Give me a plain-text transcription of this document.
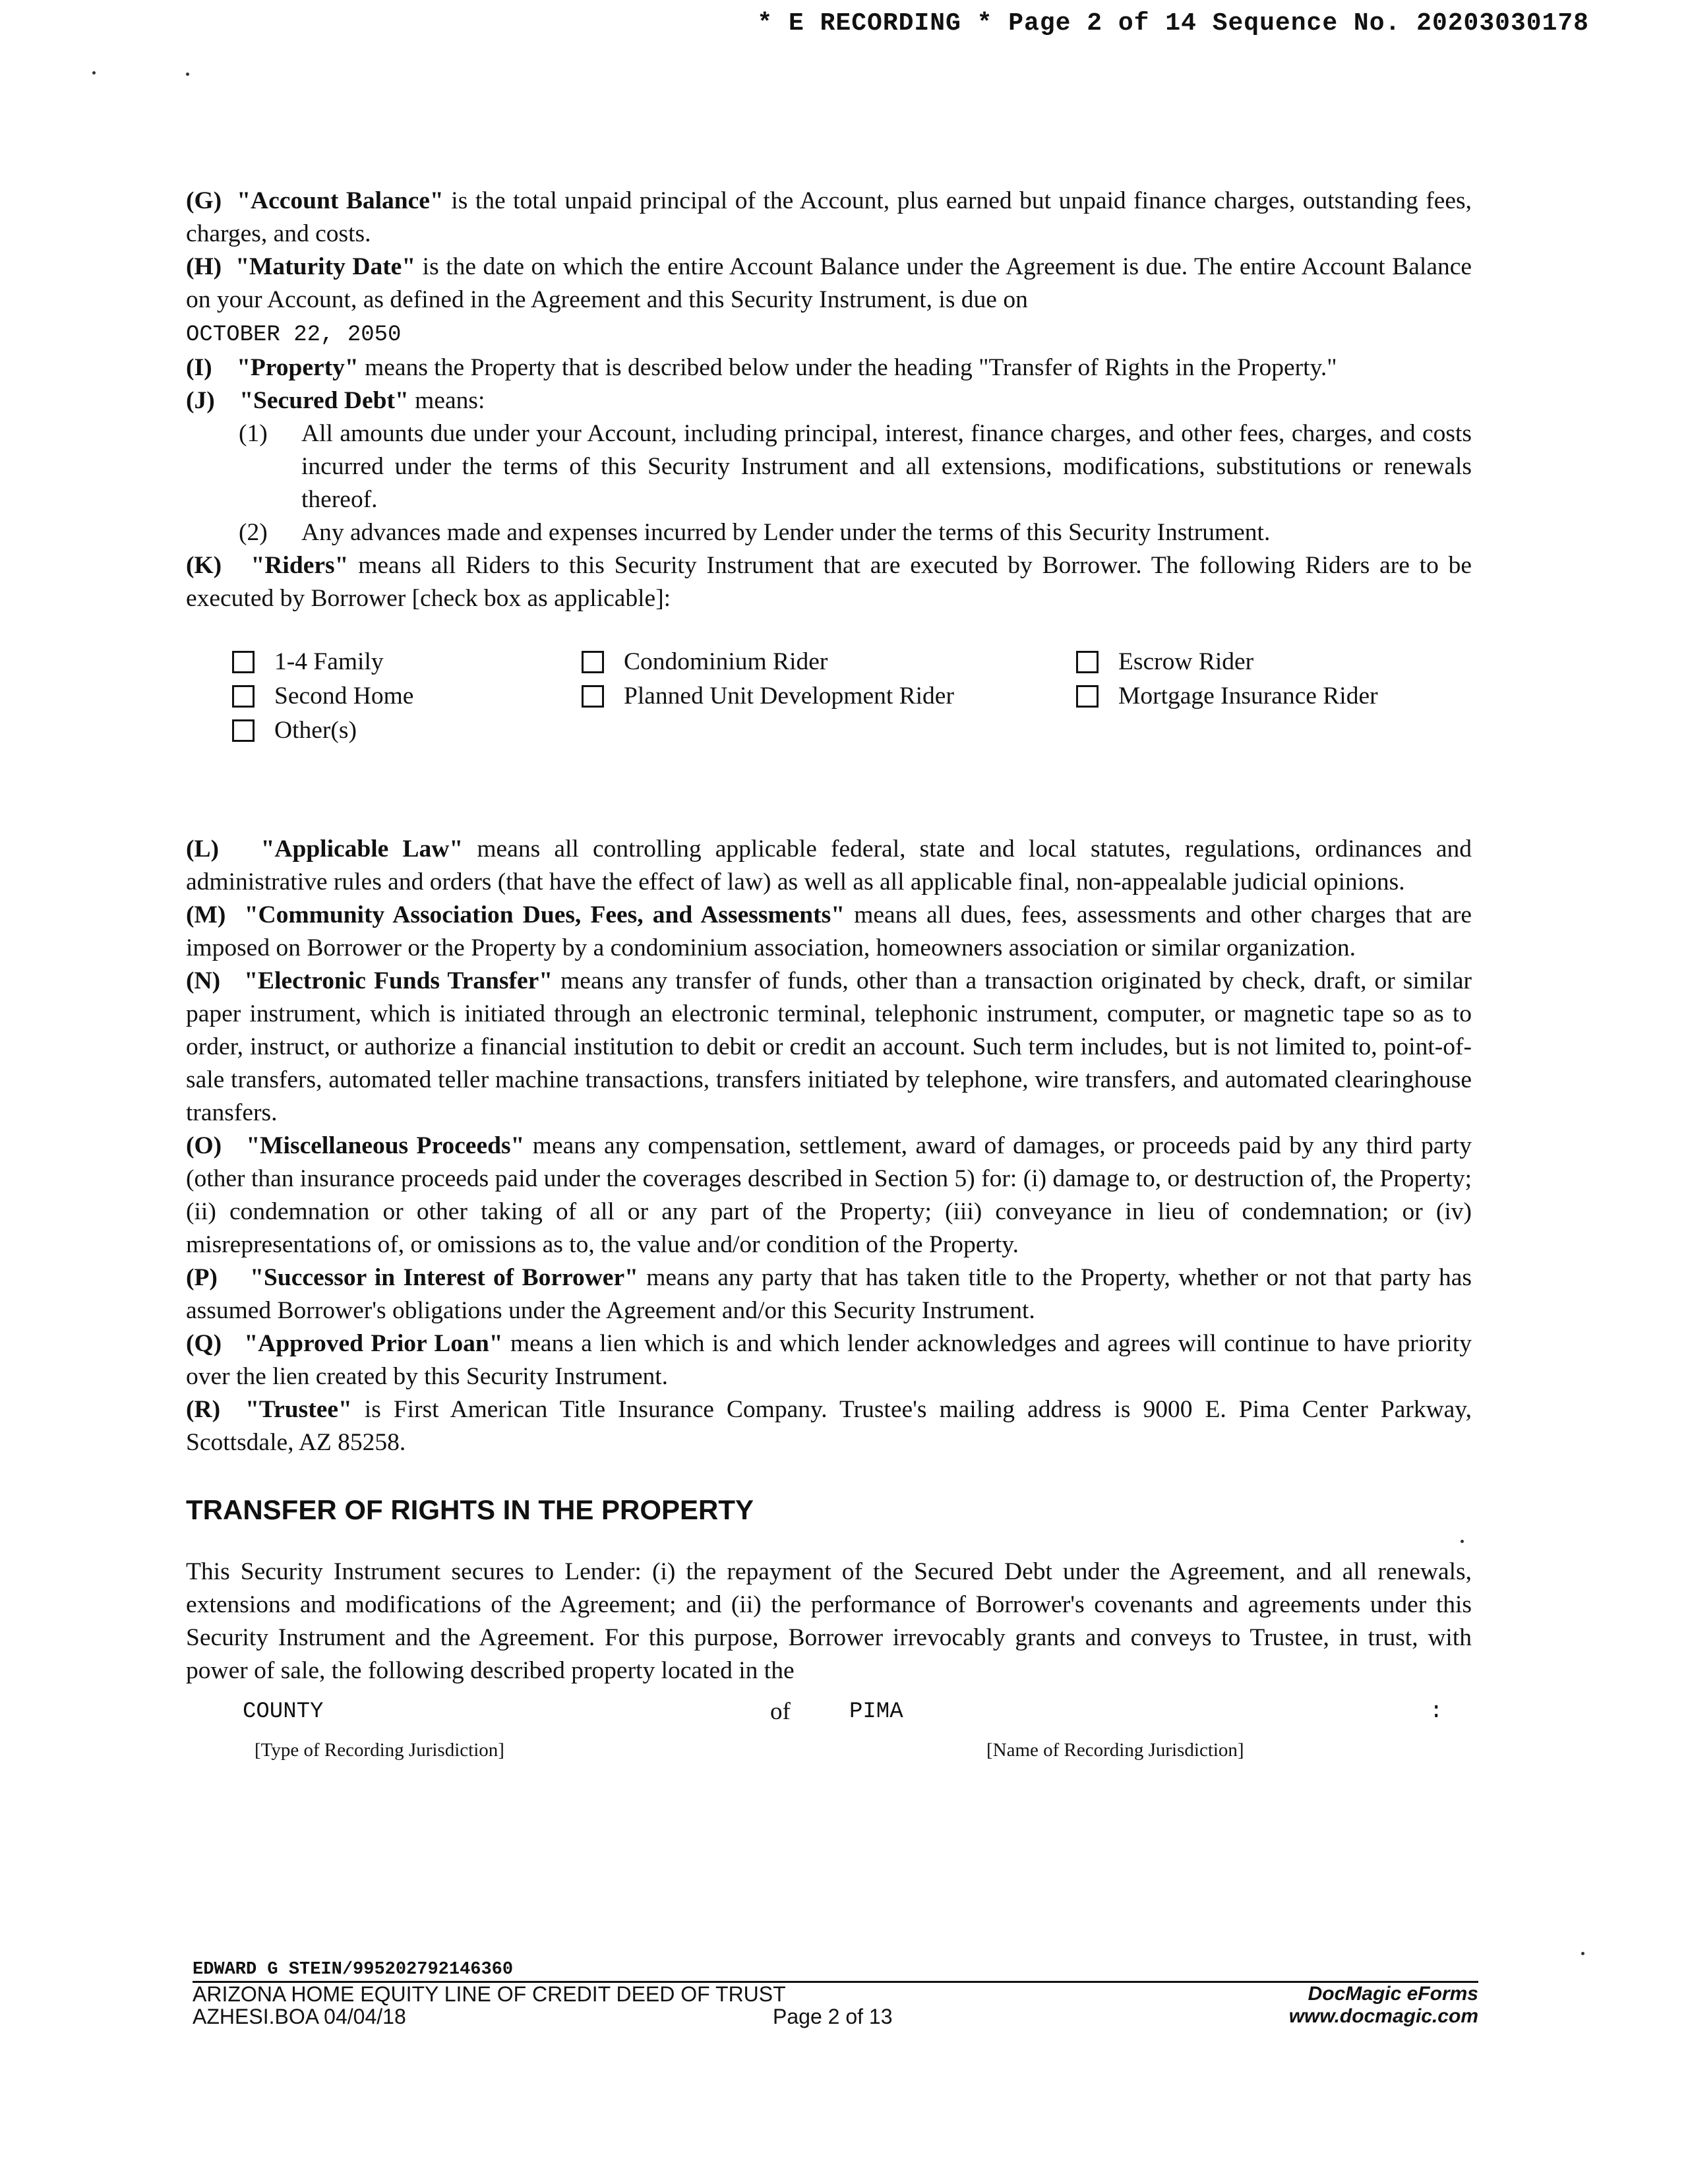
* E RECORDING * Page 2 of 14 Sequence No. 20203030178

(G) "Account Balance" is the total unpaid principal of the Account, plus earned but unpaid finance charges, outstanding fees, charges, and costs.

(H) "Maturity Date" is the date on which the entire Account Balance under the Agreement is due. The entire Account Balance on your Account, as defined in the Agreement and this Security Instrument, is due on
OCTOBER 22, 2050

(I) "Property" means the Property that is described below under the heading "Transfer of Rights in the Property."

(J) "Secured Debt" means:

(1)	All amounts due under your Account, including principal, interest, finance charges, and other fees, charges, and costs incurred under the terms of this Security Instrument and all extensions, modifications, substitutions or renewals thereof.
(2)	Any advances made and expenses incurred by Lender under the terms of this Security Instrument.

(K) "Riders" means all Riders to this Security Instrument that are executed by Borrower. The following Riders are to be executed by Borrower [check box as applicable]:

1-4 Family	Condominium Rider	Escrow Rider
Second Home	Planned Unit Development Rider	Mortgage Insurance Rider
Other(s)

(L) "Applicable Law" means all controlling applicable federal, state and local statutes, regulations, ordinances and administrative rules and orders (that have the effect of law) as well as all applicable final, non-appealable judicial opinions.

(M) "Community Association Dues, Fees, and Assessments" means all dues, fees, assessments and other charges that are imposed on Borrower or the Property by a condominium association, homeowners association or similar organization.

(N) "Electronic Funds Transfer" means any transfer of funds, other than a transaction originated by check, draft, or similar paper instrument, which is initiated through an electronic terminal, telephonic instrument, computer, or magnetic tape so as to order, instruct, or authorize a financial institution to debit or credit an account. Such term includes, but is not limited to, point-of-sale transfers, automated teller machine transactions, transfers initiated by telephone, wire transfers, and automated clearinghouse transfers.

(O) "Miscellaneous Proceeds" means any compensation, settlement, award of damages, or proceeds paid by any third party (other than insurance proceeds paid under the coverages described in Section 5) for: (i) damage to, or destruction of, the Property; (ii) condemnation or other taking of all or any part of the Property; (iii) conveyance in lieu of condemnation; or (iv) misrepresentations of, or omissions as to, the value and/or condition of the Property.

(P) "Successor in Interest of Borrower" means any party that has taken title to the Property, whether or not that party has assumed Borrower's obligations under the Agreement and/or this Security Instrument.

(Q) "Approved Prior Loan" means a lien which is and which lender acknowledges and agrees will continue to have priority over the lien created by this Security Instrument.

(R) "Trustee" is First American Title Insurance Company. Trustee's mailing address is 9000 E. Pima Center Parkway, Scottsdale, AZ 85258.

TRANSFER OF RIGHTS IN THE PROPERTY

This Security Instrument secures to Lender: (i) the repayment of the Secured Debt under the Agreement, and all renewals, extensions and modifications of the Agreement; and (ii) the performance of Borrower's covenants and agreements under this Security Instrument and the Agreement. For this purpose, Borrower irrevocably grants and conveys to Trustee, in trust, with power of sale, the following described property located in the

COUNTY	of	PIMA	:
[Type of Recording Jurisdiction]	[Name of Recording Jurisdiction]
EDWARD G STEIN/995202792146360
ARIZONA HOME EQUITY LINE OF CREDIT DEED OF TRUST
AZHESI.BOA 04/04/18
DocMagic eForms
www.docmagic.com
Page 2 of 13
